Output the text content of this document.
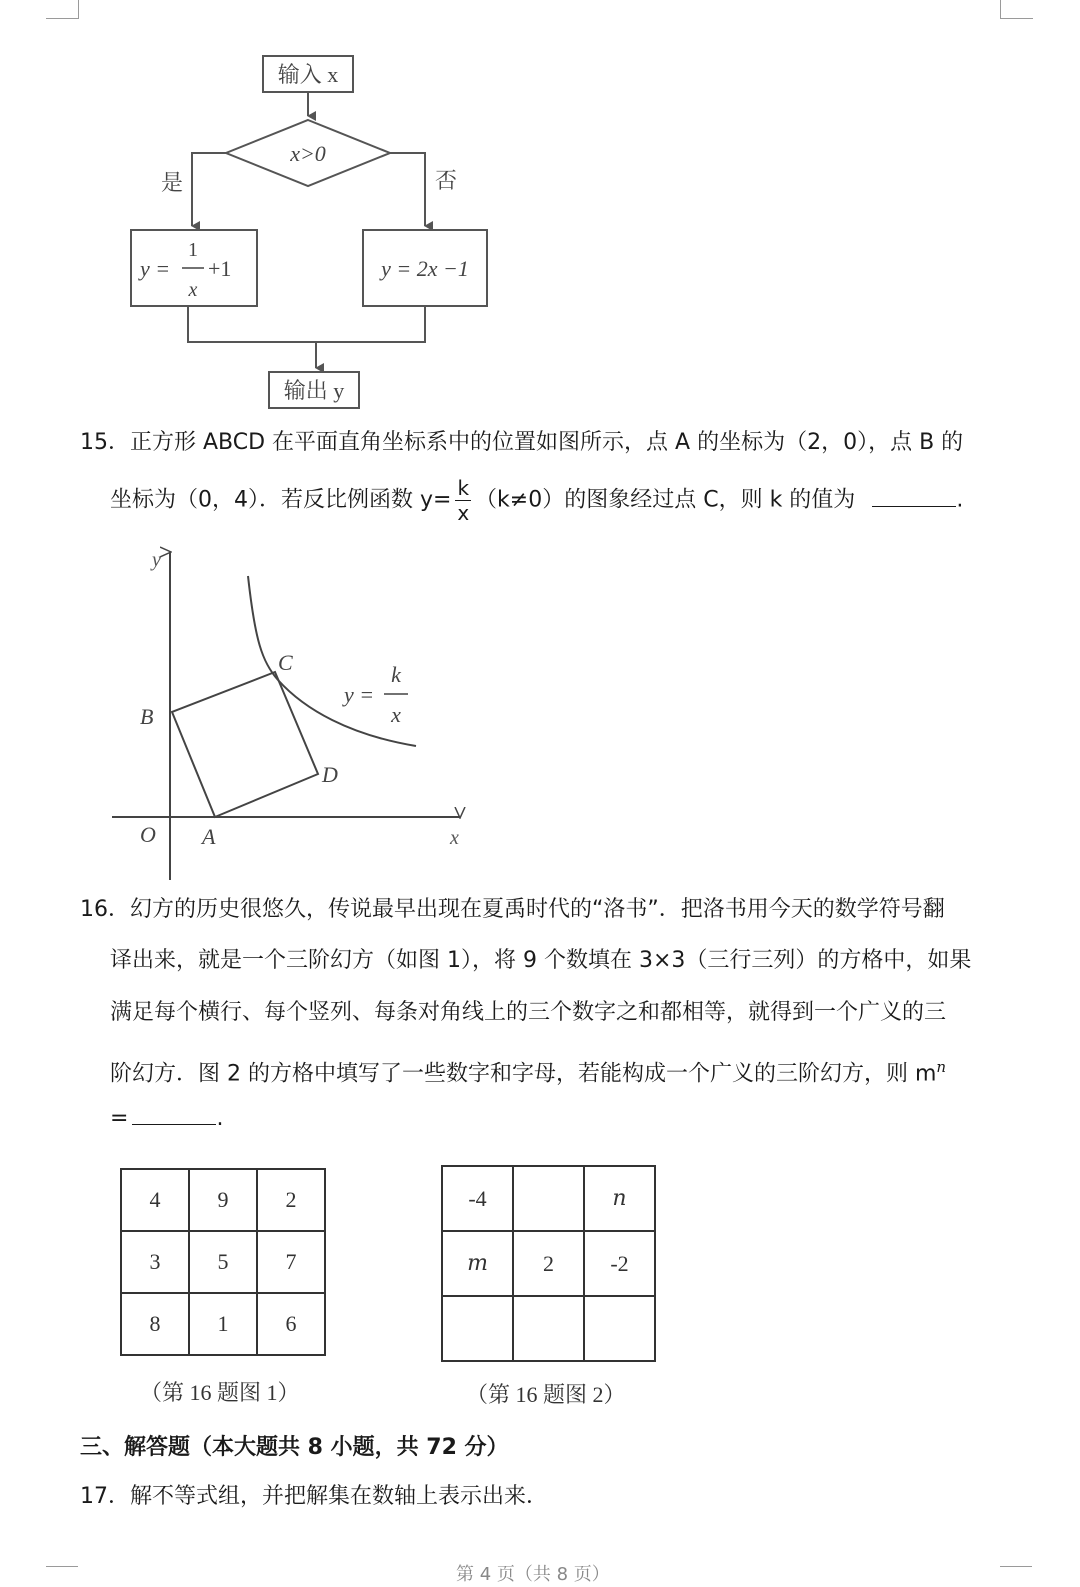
输入 x
x>0
是	否
y =
1
x
+1	y = 2x −1
输出 y
15．正方形 ABCD 在平面直角坐标系中的位置如图所示，点 A 的坐标为（2，0），点 B 的
坐标为（0，4）．若反比例函数 $y= \frac{k}{x} (k\ne 0)$的图象经过点 C，则 k 的值为	.
y
x
O A
B
C
D
y =
k
x
16．幻方的历史很悠久，传说最早出现在夏禹时代的“洛书”．把洛书用今天的数学符号翻
译出来，就是一个三阶幻方（如图 1），将 9 个数填在 3×3（三行三列）的方格中，如果
满足每个横行、每个竖列、每条对角线上的三个数字之和都相等，就得到一个广义的三
阶幻方．图 2 的方格中填写了一些数字和字母，若能构成一个广义的三阶幻方，则 $m^n$
=	.
4	9	2
3	5	7
8	1	6
（第 16 题图 1）
-4		n
m	2	-2

（第 16 题图 2）
三、解答题（本大题共 8 小题，共 72 分）
17．解不等式组，并把解集在数轴上表示出来．
第 4 页（共 8 页）
